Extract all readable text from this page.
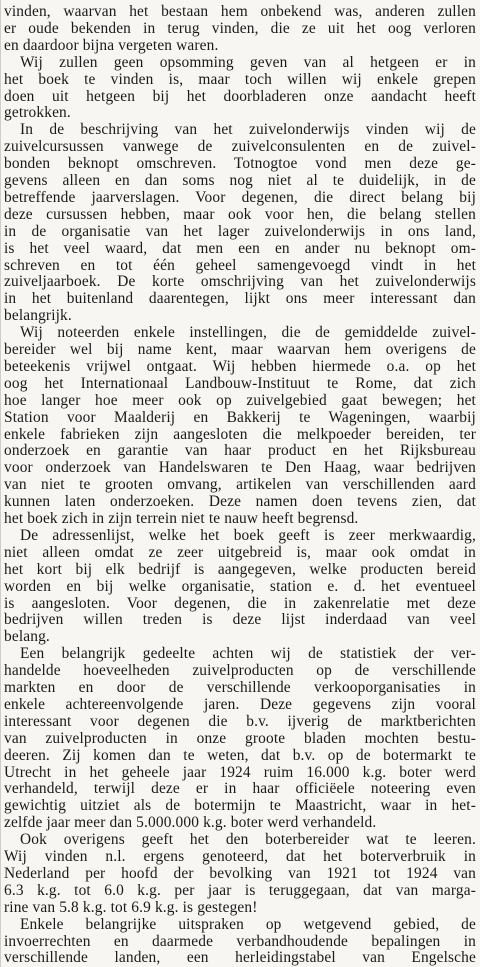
vinden, waarvan het bestaan hem onbekend was, anderen zullen
er oude bekenden in terug vinden, die ze uit het oog verloren
en daardoor bijna vergeten waren.
Wij zullen geen opsomming geven van al hetgeen er in
het boek te vinden is, maar toch willen wij enkele grepen
doen uit hetgeen bij het doorbladeren onze aandacht heeft
getrokken.
In de beschrijving van het zuivelonderwijs vinden wij de
zuivelcursussen vanwege de zuivelconsulenten en de zuivel-
bonden beknopt omschreven. Totnogtoe vond men deze ge-
gevens alleen en dan soms nog niet al te duidelijk, in de
betreffende jaarverslagen. Voor degenen, die direct belang bij
deze cursussen hebben, maar ook voor hen, die belang stellen
in de organisatie van het lager zuivelonderwijs in ons land,
is het veel waard, dat men een en ander nu beknopt om-
schreven en tot één geheel samengevoegd vindt in het
zuiveljaarboek. De korte omschrijving van het zuivelonderwijs
in het buitenland daarentegen, lijkt ons meer interessant dan
belangrijk.
Wij noteerden enkele instellingen, die de gemiddelde zuivel-
bereider wel bij name kent, maar waarvan hem overigens de
beteekenis vrijwel ontgaat. Wij hebben hiermede o.a. op het
oog het Internationaal Landbouw-Instituut te Rome, dat zich
hoe langer hoe meer ook op zuivelgebied gaat bewegen; het
Station voor Maalderij en Bakkerij te Wageningen, waarbij
enkele fabrieken zijn aangesloten die melkpoeder bereiden, ter
onderzoek en garantie van haar product en het Rijksbureau
voor onderzoek van Handelswaren te Den Haag, waar bedrijven
van niet te grooten omvang, artikelen van verschillenden aard
kunnen laten onderzoeken. Deze namen doen tevens zien, dat
het boek zich in zijn terrein niet te nauw heeft begrensd.
De adressenlijst, welke het boek geeft is zeer merkwaardig,
niet alleen omdat ze zeer uitgebreid is, maar ook omdat in
het kort bij elk bedrijf is aangegeven, welke producten bereid
worden en bij welke organisatie, station e. d. het eventueel
is aangesloten. Voor degenen, die in zakenrelatie met deze
bedrijven willen treden is deze lijst inderdaad van veel
belang.
Een belangrijk gedeelte achten wij de statistiek der ver-
handelde hoeveelheden zuivelproducten op de verschillende
markten en door de verschillende verkooporganisaties in
enkele achtereenvolgende jaren. Deze gegevens zijn vooral
interessant voor degenen die b.v. ijverig de marktberichten
van zuivelproducten in onze groote bladen mochten bestu-
deeren. Zij komen dan te weten, dat b.v. op de botermarkt te
Utrecht in het geheele jaar 1924 ruim 16.000 k.g. boter werd
verhandeld, terwijl deze er in haar officiëele noteering even
gewichtig uitziet als de botermijn te Maastricht, waar in het-
zelfde jaar meer dan 5.000.000 k.g. boter werd verhandeld.
Ook overigens geeft het den boterbereider wat te leeren.
Wij vinden n.l. ergens genoteerd, dat het boterverbruik in
Nederland per hoofd der bevolking van 1921 tot 1924 van
6.3 k.g. tot 6.0 k.g. per jaar is teruggegaan, dat van marga-
rine van 5.8 k.g. tot 6.9 k.g. is gestegen!
Enkele belangrijke uitspraken op wetgevend gebied, de
invoerrechten en daarmede verbandhoudende bepalingen in
verschillende landen, een herleidingstabel van Engelsche
